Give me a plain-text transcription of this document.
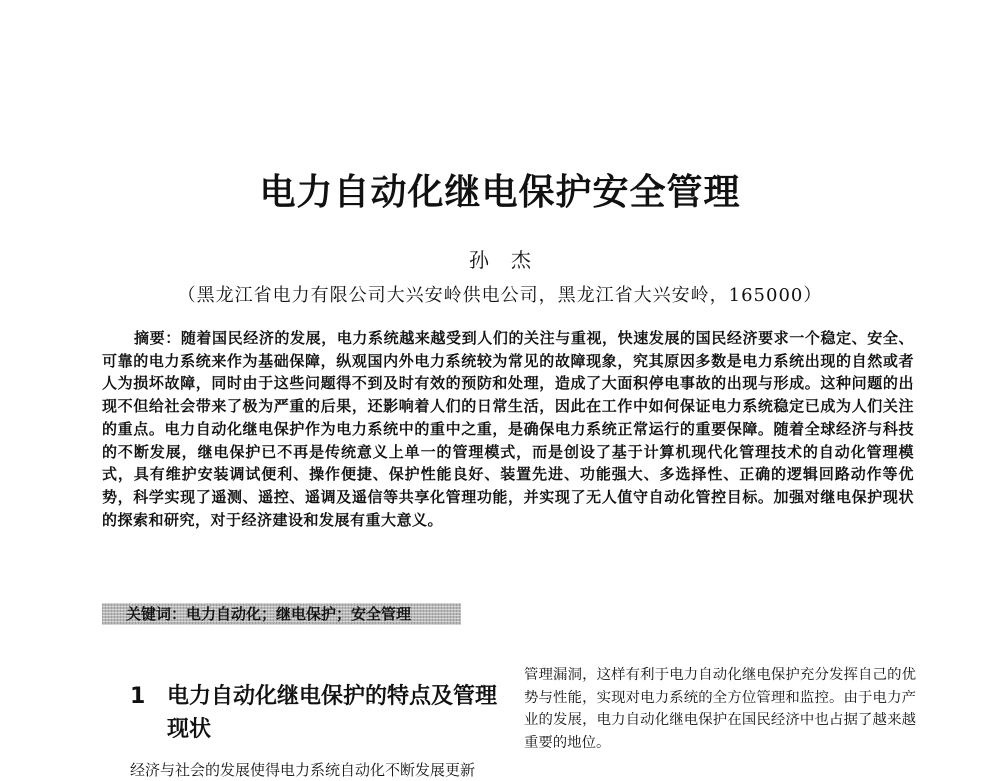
电力自动化继电保护安全管理

孙杰

（黑龙江省电力有限公司大兴安岭供电公司，黑龙江省大兴安岭，165000）

摘要：随着国民经济的发展，电力系统越来越受到人们的关注与重视，快速发展的国民经济要求一个稳定、安全、可靠的电力系统来作为基础保障，纵观国内外电力系统较为常见的故障现象，究其原因多数是电力系统出现的自然或者人为损坏故障，同时由于这些问题得不到及时有效的预防和处理，造成了大面积停电事故的出现与形成。这种问题的出现不但给社会带来了极为严重的后果，还影响着人们的日常生活，因此在工作中如何保证电力系统稳定已成为人们关注的重点。电力自动化继电保护作为电力系统中的重中之重，是确保电力系统正常运行的重要保障。随着全球经济与科技的不断发展，继电保护已不再是传统意义上单一的管理模式，而是创设了基于计算机现代化管理技术的自动化管理模式，具有维护安装调试便利、操作便捷、保护性能良好、装置先进、功能强大、多选择性、正确的逻辑回路动作等优势，科学实现了遥测、遥控、遥调及遥信等共享化管理功能，并实现了无人值守自动化管控目标。加强对继电保护现状的探索和研究，对于经济建设和发展有重大意义。

关键词：电力自动化；继电保护；安全管理
1 电力自动化继电保护的特点及管理现状

经济与社会的发展使得电力系统自动化不断发展更新

管理漏洞，这样有利于电力自动化继电保护充分发挥自己的优势与性能，实现对电力系统的全方位管理和监控。由于电力产业的发展，电力自动化继电保护在国民经济中也占据了越来越重要的地位。
